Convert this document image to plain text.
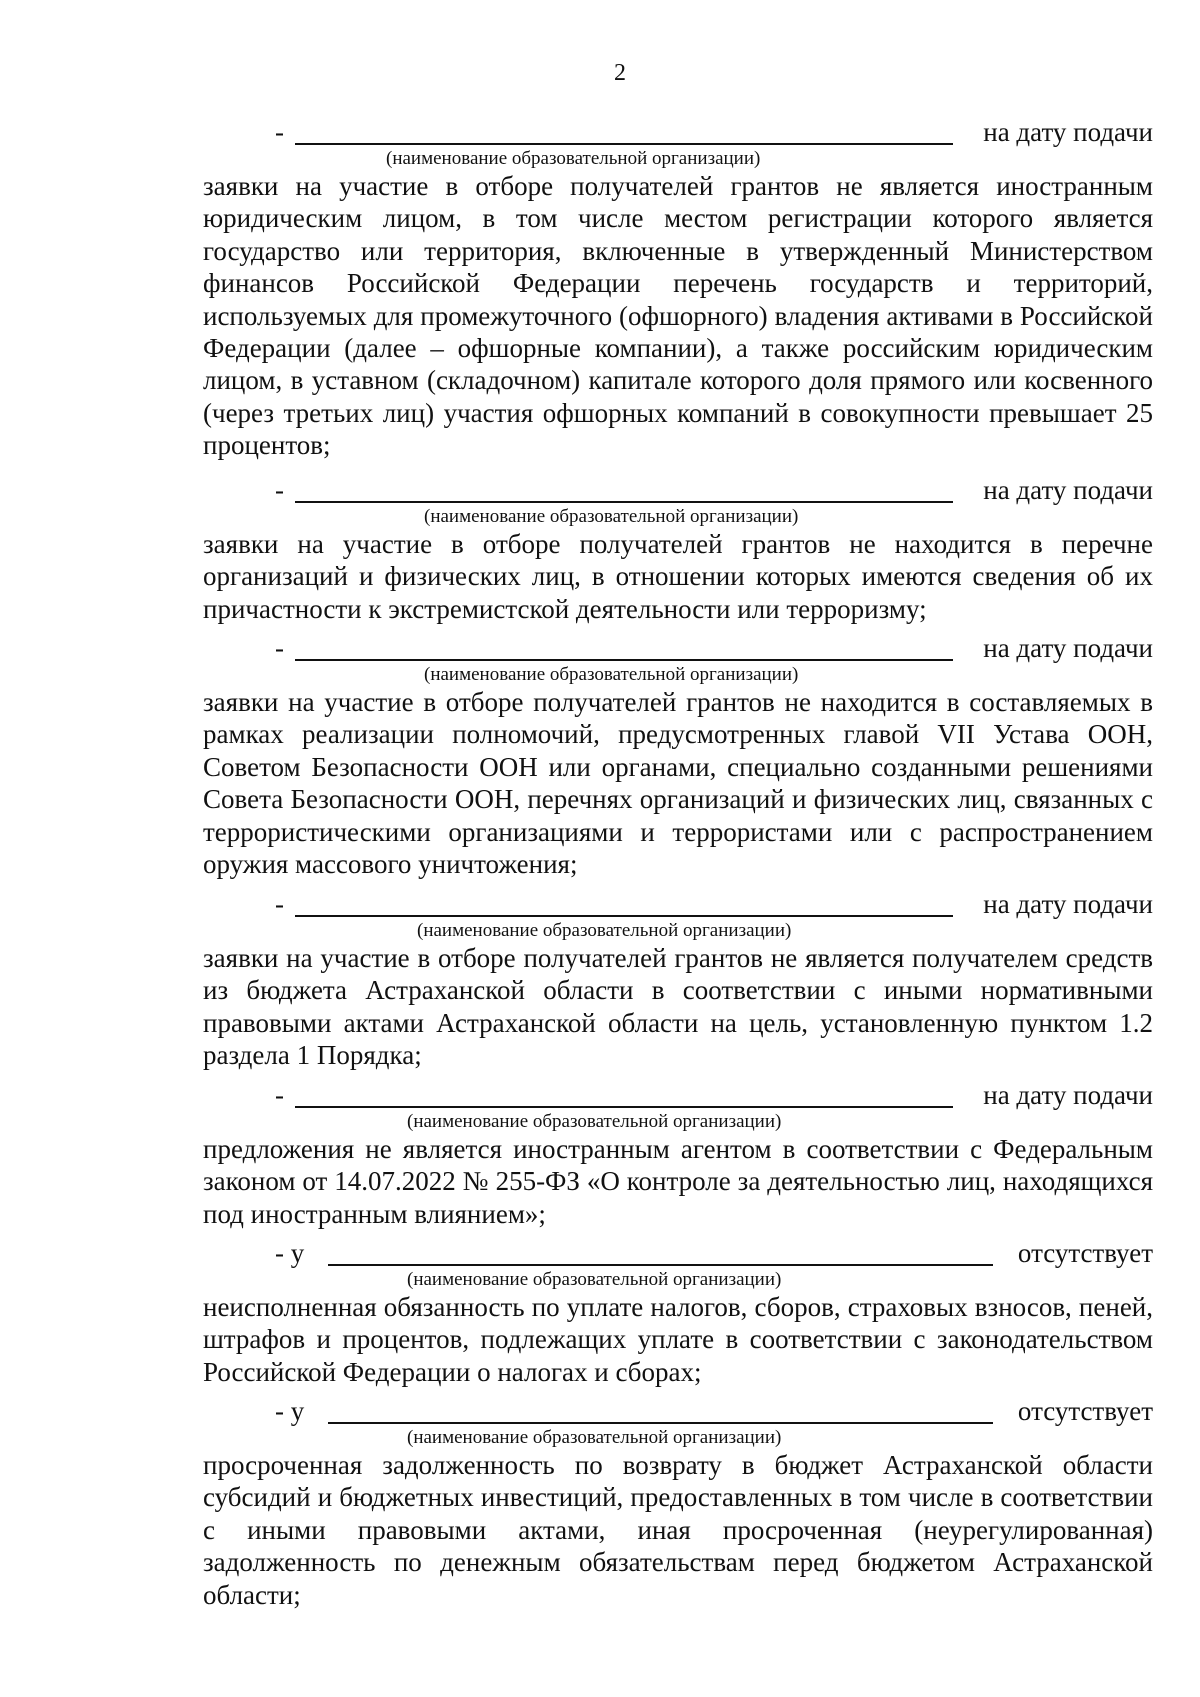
2
-	на дату подачи
(наименование образовательной организации)

заявки на участие в отборе получателей грантов не является иностранным юридическим лицом, в том числе местом регистрации которого является государство или территория, включенные в утвержденный Министерством финансов Российской Федерации перечень государств и территорий, используемых для промежуточного (офшорного) владения активами в Российской Федерации (далее – офшорные компании), а также российским юридическим лицом, в уставном (складочном) капитале которого доля прямого или косвенного (через третьих лиц) участия офшорных компаний в совокупности превышает 25 процентов;

-	на дату подачи
(наименование образовательной организации)

заявки на участие в отборе получателей грантов не находится в перечне организаций и физических лиц, в отношении которых имеются сведения об их причастности к экстремистской деятельности или терроризму;

-	на дату подачи
(наименование образовательной организации)

заявки на участие в отборе получателей грантов не находится в составляемых в рамках реализации полномочий, предусмотренных главой VII Устава ООН, Советом Безопасности ООН или органами, специально созданными решениями Совета Безопасности ООН, перечнях организаций и физических лиц, связанных с террористическими организациями и террористами или с распространением оружия массового уничтожения;

-	на дату подачи
(наименование образовательной организации)

заявки на участие в отборе получателей грантов не является получателем средств из бюджета Астраханской области в соответствии с иными нормативными правовыми актами Астраханской области на цель, установленную пунктом 1.2 раздела 1 Порядка;

-	на дату подачи
(наименование образовательной организации)

предложения не является иностранным агентом в соответствии с Федеральным законом от 14.07.2022 № 255-ФЗ «О контроле за деятельностью лиц, находящихся под иностранным влиянием»;

- у	отсутствует
(наименование образовательной организации)

неисполненная обязанность по уплате налогов, сборов, страховых взносов, пеней, штрафов и процентов, подлежащих уплате в соответствии с законодательством Российской Федерации о налогах и сборах;

- у	отсутствует
(наименование образовательной организации)

просроченная задолженность по возврату в бюджет Астраханской области субсидий и бюджетных инвестиций, предоставленных в том числе в соответствии с иными правовыми актами, иная просроченная (неурегулированная) задолженность по денежным обязательствам перед бюджетом Астраханской области;
